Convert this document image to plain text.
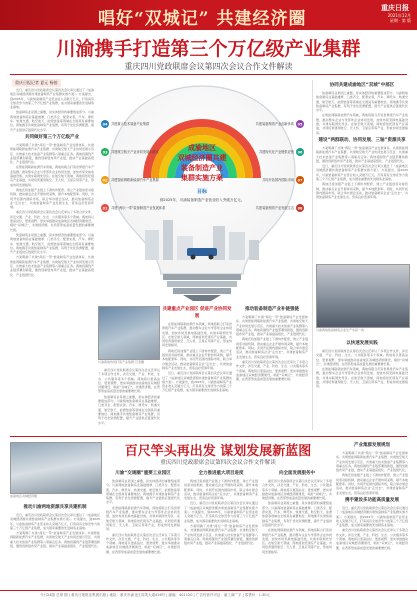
唱好“双城记” 共建经济圈
重庆日报
2021年12月
星期 · 第 版
川渝携手打造第三个万亿级产业集群
重庆四川党政联席会议第四次会议合作文件解读
重庆日报记者 夏元 杨骏

近日，重庆四川党政联席会议第四次会议审议通过了《成渝地区双城经济圈共建装备制造产业集群实施方案》。方案提出，到2025年，川渝装备制造产业营业收入突破万亿元，打造具有全球竞争力的第三个万亿级产业集群，成为国家重要的先进制造业基地。

装备制造业是国之重器，是实体经济的重要组成部分。川渝两地装备制造业基础雄厚、门类齐全、配套完善，汽车、摩托车、轨道交通、航空航天、能源装备等领域在全国具有重要地位。两地携手共建装备制造产业集群，有利于优化资源配置，提升产业链供应链现代化水平。

共同做好第三个万亿级产业

方案明确了共建“两坛一带”装备制造产业发展体系、共建智能网联新能源汽车产业集群、共建航空航天产业协同发展示范区、共建重大技术装备产业集群等八项重点任务。两地将围绕产业链部署创新链，围绕创新链布局产业链，推动产业基础高级化、产业链现代化。

在智能网联新能源汽车领域，两地将联合打造世界级汽车产业集群，推动整车企业与零部件企业协同发展，加快布局充换电基础设施，共建车联网先导区。在航空航天领域，两地将依托现有产业基础，共同培育通用航空、无人机、卫星应用等产业，形成协同发展格局。

两地还将加强产业链上下游协作配套，建立产业链供需对接机制，推动重点企业开展协同采购，提升本地配套率。同时，共同开拓国内国际市场，联合举办展会活动，推动装备制造企业“走出去”，共建装备制造产业发展生态，营造良好营商环境。

重庆四川党政联席会议第四次会议还审议了多项合作文件，涉及交通、产业、科技、生态、公共服务等多个领域。两地将以更高站位、更宽视野、更实举措推动成渝地区双城经济圈建设，唱好“双城记”，共建经济圈，在西部形成高质量发展的重要增长极。

装备制造业是国之重器，是实体经济的重要组成部分。川渝两地装备制造业基础雄厚、门类齐全、配套完善，汽车、摩托车、轨道交通、航空航天、能源装备等领域在全国具有重要地位。两地携手共建装备制造产业集群，有利于优化资源配置，提升产业链供应链现代化水平。

方案明确了共建“两坛一带”装备制造产业发展体系、共建智能网联新能源汽车产业集群、共建航空航天产业协同发展示范区、共建重大技术装备产业集群等八项重点任务。两地将围绕产业链部署创新链，围绕创新链布局产业链，推动产业基础高级化、产业链现代化。

成渝地区
双城经济圈共建
装备制造产业
集群实施方案
01 共建“两坛一带”装备制造产业发展体系
02 共建智能网联新能源汽车产业集群
03 共建航空航天产业协同发展示范区
04 共建重大技术装备产业集群	05
共建装备制造产业创新体系
06
共建现代化产业链供应链
07
共同开拓国内国际市场
08
共建装备制造产业发展生态
目标
到2025年，川渝装备制造产业营业收入突破万亿元。
川渝两地协同打造产业集群 记者摄
共建重点产业园区 促进产业协同发展

在智能网联新能源汽车领域，两地将联合打造世界级汽车产业集群，推动整车企业与零部件企业协同发展，加快布局充换电基础设施，共建车联网先导区。在航空航天领域，两地将依托现有产业基础，共同培育通用航空、无人机、卫星应用等产业，形成协同发展格局。

两地还将加强产业链上下游协作配套，建立产业链供需对接机制，推动重点企业开展协同采购，提升本地配套率。同时，共同开拓国内国际市场，联合举办展会活动，推动装备制造企业“走出去”，共建装备制造产业发展生态，营造良好营商环境。

近日，重庆四川党政联席会议第四次会议审议通过了《成渝地区双城经济圈共建装备制造产业集群实施方案》。方案提出，到2025年，川渝装备制造产业营业收入突破万亿元，打造具有全球竞争力的第三个万亿级产业集群，成为国家重要的先进制造业基地。

重庆四川党政联席会议第四次会议还审议了多项合作文件，涉及交通、产业、科技、生态、公共服务等多个领域。两地将以更高站位、更宽视野、更实举措推动成渝地区双城经济圈建设，唱好“双城记”，共建经济圈，在西部形成高质量发展的重要增长极。

装备制造业是国之重器，是实体经济的重要组成部分。川渝两地装备制造业基础雄厚、门类齐全、配套完善，汽车、摩托车、轨道交通、航空航天、能源装备等领域在全国具有重要地位。两地携手共建装备制造产业集群，有利于优化资源配置，提升产业链供应链现代化水平。

推动装备制造产业补链强链

方案明确了共建“两坛一带”装备制造产业发展体系、共建智能网联新能源汽车产业集群、共建航空航天产业协同发展示范区、共建重大技术装备产业集群等八项重点任务。两地将围绕产业链部署创新链，围绕创新链布局产业链，推动产业基础高级化、产业链现代化。

两地还将加强产业链上下游协作配套，建立产业链供需对接机制，推动重点企业开展协同采购，提升本地配套率。同时，共同开拓国内国际市场，联合举办展会活动，推动装备制造企业“走出去”，共建装备制造产业发展生态，营造良好营商环境。

重庆四川党政联席会议第四次会议还审议了多项合作文件，涉及交通、产业、科技、生态、公共服务等多个领域。两地将以更高站位、更宽视野、更实举措推动成渝地区双城经济圈建设，唱好“双城记”，共建经济圈，在西部形成高质量发展的重要增长极。

协同共建成渝地区“双城”中部区

装备制造业是国之重器，是实体经济的重要组成部分。川渝两地装备制造业基础雄厚、门类齐全、配套完善，汽车、摩托车、轨道交通、航空航天、能源装备等领域在全国具有重要地位。两地携手共建装备制造产业集群，有利于优化资源配置，提升产业链供应链现代化水平。

在智能网联新能源汽车领域，两地将联合打造世界级汽车产业集群，推动整车企业与零部件企业协同发展，加快布局充换电基础设施，共建车联网先导区。在航空航天领域，两地将依托现有产业基础，共同培育通用航空、无人机、卫星应用等产业，形成协同发展格局。

建设“两群联动、协同发展、三轴”资源共享

方案明确了共建“两坛一带”装备制造产业发展体系、共建智能网联新能源汽车产业集群、共建航空航天产业协同发展示范区、共建重大技术装备产业集群等八项重点任务。两地将围绕产业链部署创新链，围绕创新链布局产业链，推动产业基础高级化、产业链现代化。

近日，重庆四川党政联席会议第四次会议审议通过了《成渝地区双城经济圈共建装备制造产业集群实施方案》。方案提出，到2025年，川渝装备制造产业营业收入突破万亿元，打造具有全球竞争力的第三个万亿级产业集群，成为国家重要的先进制造业基地。

两地还将加强产业链上下游协作配套，建立产业链供需对接机制，推动重点企业开展协同采购，提升本地配套率。同时，共同开拓国内国际市场，联合举办展会活动，推动装备制造企业“走出去”，共建装备制造产业发展生态，营造良好营商环境。

川渝两地装备制造企业生产车间一角
以快速发展实践

重庆四川党政联席会议第四次会议还审议了多项合作文件，涉及交通、产业、科技、生态、公共服务等多个领域。两地将以更高站位、更宽视野、更实举措推动成渝地区双城经济圈建设，唱好“双城记”，共建经济圈，在西部形成高质量发展的重要增长极。

在智能网联新能源汽车领域，两地将联合打造世界级汽车产业集群，推动整车企业与零部件企业协同发展，加快布局充换电基础设施，共建车联网先导区。在航空航天领域，两地将依托现有产业基础，共同培育通用航空、无人机、卫星应用等产业，形成协同发展格局。

百尺竿头再出发 谋划发展新蓝图
重庆四川党政联席会议第四次会议合作文件解读
成渝地区双城经济圈
推动川渝两地资源共享共建机制

近日，重庆四川党政联席会议第四次会议审议通过了《成渝地区双城经济圈共建装备制造产业集群实施方案》。方案提出，到2025年，川渝装备制造产业营业收入突破万亿元，打造具有全球竞争力的第三个万亿级产业集群，成为国家重要的先进制造业基地。

方案明确了共建“两坛一带”装备制造产业发展体系、共建智能网联新能源汽车产业集群、共建航空航天产业协同发展示范区、共建重大技术装备产业集群等八项重点任务。两地将围绕产业链部署创新链，围绕创新链布局产业链，推动产业基础高级化、产业链现代化。

川渝“交通圈”重要工业园区

装备制造业是国之重器，是实体经济的重要组成部分。川渝两地装备制造业基础雄厚、门类齐全、配套完善，汽车、摩托车、轨道交通、航空航天、能源装备等领域在全国具有重要地位。两地携手共建装备制造产业集群，有利于优化资源配置，提升产业链供应链现代化水平。

在智能网联新能源汽车领域，两地将联合打造世界级汽车产业集群，推动整车企业与零部件企业协同发展，加快布局充换电基础设施，共建车联网先导区。在航空航天领域，两地将依托现有产业基础，共同培育通用航空、无人机、卫星应用等产业，形成协同发展格局。

重庆四川党政联席会议第四次会议还审议了多项合作文件，涉及交通、产业、科技、生态、公共服务等多个领域。两地将以更高站位、更宽视野、更实举措推动成渝地区双城经济圈建设，唱好“双城记”，共建经济圈，在西部形成高质量发展的重要增长极。

全力推进重大项目进度

两地还将加强产业链上下游协作配套，建立产业链供需对接机制，推动重点企业开展协同采购，提升本地配套率。同时，共同开拓国内国际市场，联合举办展会活动，推动装备制造企业“走出去”，共建装备制造产业发展生态，营造良好营商环境。

近日，重庆四川党政联席会议第四次会议审议通过了《成渝地区双城经济圈共建装备制造产业集群实施方案》。方案提出，到2025年，川渝装备制造产业营业收入突破万亿元，打造具有全球竞争力的第三个万亿级产业集群，成为国家重要的先进制造业基地。

方案明确了共建“两坛一带”装备制造产业发展体系、共建智能网联新能源汽车产业集群、共建航空航天产业协同发展示范区、共建重大技术装备产业集群等八项重点任务。两地将围绕产业链部署创新链，围绕创新链布局产业链，推动产业基础高级化、产业链现代化。

向全面发展服务中

重庆四川党政联席会议第四次会议还审议了多项合作文件，涉及交通、产业、科技、生态、公共服务等多个领域。两地将以更高站位、更宽视野、更实举措推动成渝地区双城经济圈建设，唱好“双城记”，共建经济圈，在西部形成高质量发展的重要增长极。

装备制造业是国之重器，是实体经济的重要组成部分。川渝两地装备制造业基础雄厚、门类齐全、配套完善，汽车、摩托车、轨道交通、航空航天、能源装备等领域在全国具有重要地位。两地携手共建装备制造产业集群，有利于优化资源配置，提升产业链供应链现代化水平。

在智能网联新能源汽车领域，两地将联合打造世界级汽车产业集群，推动整车企业与零部件企业协同发展，加快布局充换电基础设施，共建车联网先导区。在航空航天领域，两地将依托现有产业基础，共同培育通用航空、无人机、卫星应用等产业，形成协同发展格局。

产业集群发展规划

方案明确了共建“两坛一带”装备制造产业发展体系、共建智能网联新能源汽车产业集群、共建航空航天产业协同发展示范区、共建重大技术装备产业集群等八项重点任务。两地将围绕产业链部署创新链，围绕创新链布局产业链，推动产业基础高级化、产业链现代化。

两地还将加强产业链上下游协作配套，建立产业链供需对接机制，推动重点企业开展协同采购，提升本地配套率。同时，共同开拓国内国际市场，联合举办展会活动，推动装备制造企业“走出去”，共建装备制造产业发展生态，营造良好营商环境。

携手建设多功能高质量发展

近日，重庆四川党政联席会议第四次会议审议通过了《成渝地区双城经济圈共建装备制造产业集群实施方案》。方案提出，到2025年，川渝装备制造产业营业收入突破万亿元，打造具有全球竞争力的第三个万亿级产业集群，成为国家重要的先进制造业基地。

重庆四川党政联席会议第四次会议还审议了多项合作文件，涉及交通、产业、科技、生态、公共服务等多个领域。两地将以更高站位、更宽视野、更实举措推动成渝地区双城经济圈建设，唱好“双城记”，共建经济圈，在西部形成高质量发展的重要增长极。

今日24版 总第 期 | 重庆日报报业集团出版 | 地址：重庆市渝北区同茂大道416号 | 邮编：401120 | 广告经营许可证：渝工商广字 | 零售价：1.50元
